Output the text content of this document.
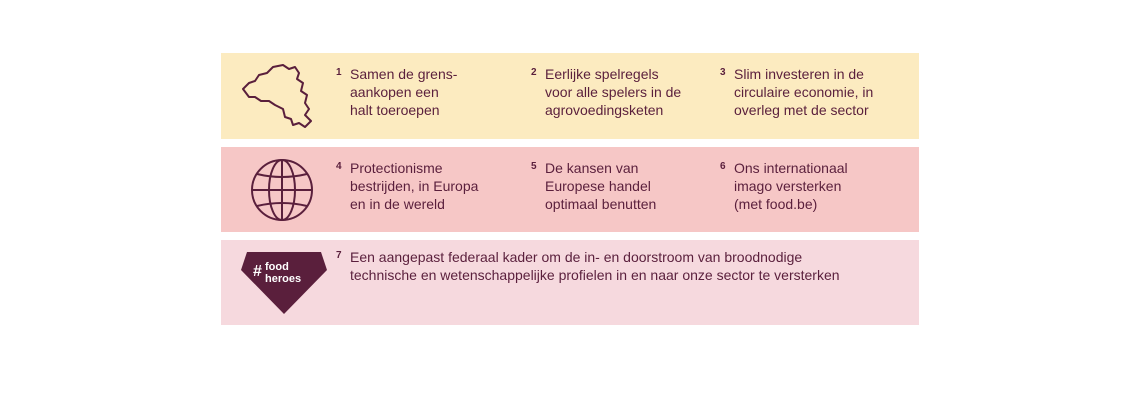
1 Samen de grens-
aankopen een
halt toeroepen
2 Eerlijke spelregels
voor alle spelers in de
agrovoedingsketen
3 Slim investeren in de
circulaire economie, in
overleg met de sector
4 Protectionisme
bestrijden, in Europa
en in de wereld
5 De kansen van
Europese handel
optimaal benutten
6 Ons internationaal
imago versterken
(met food.be)
# food
heroes
7 Een aangepast federaal kader om de in- en doorstroom van broodnodige
technische en wetenschappelijke profielen in en naar onze sector te versterken
